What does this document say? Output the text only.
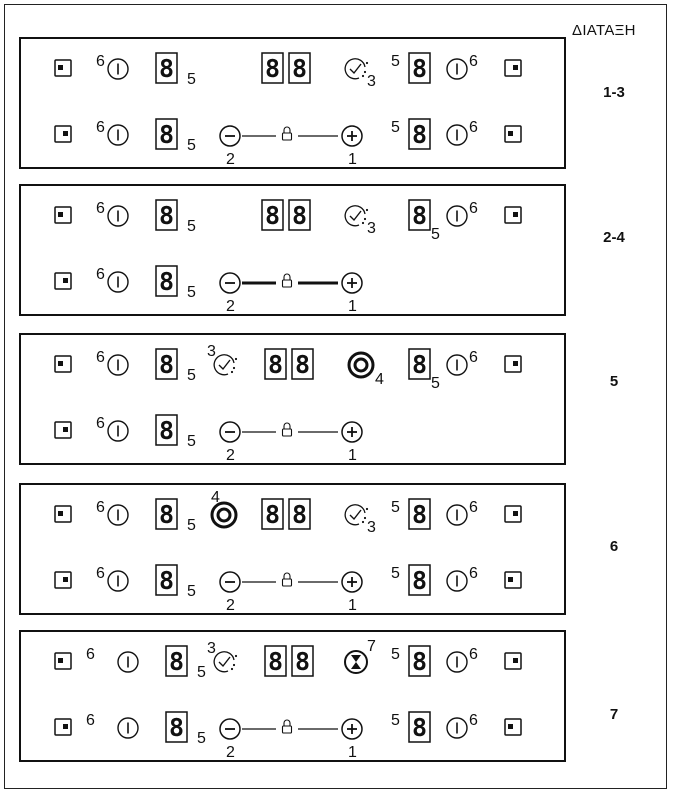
ΔΙΑΤΑΞΗ
6 8 5	8 8	3
5 8	6
6 8 5
2	1
5 8	6
6 8 5	8 8	3 8
5
6
6 8 5
2	1
6 8 5
3 8 8
4
8
5
6
6 8 5
2	1
6 8 5
4
8 8	3
5 8	6
6 8 5
2	1
5 8	6
6	8 5
3 8 8
7 5 8	6
6	8 5
2	1
5 8	6
1-3
2-4
5
6
7
